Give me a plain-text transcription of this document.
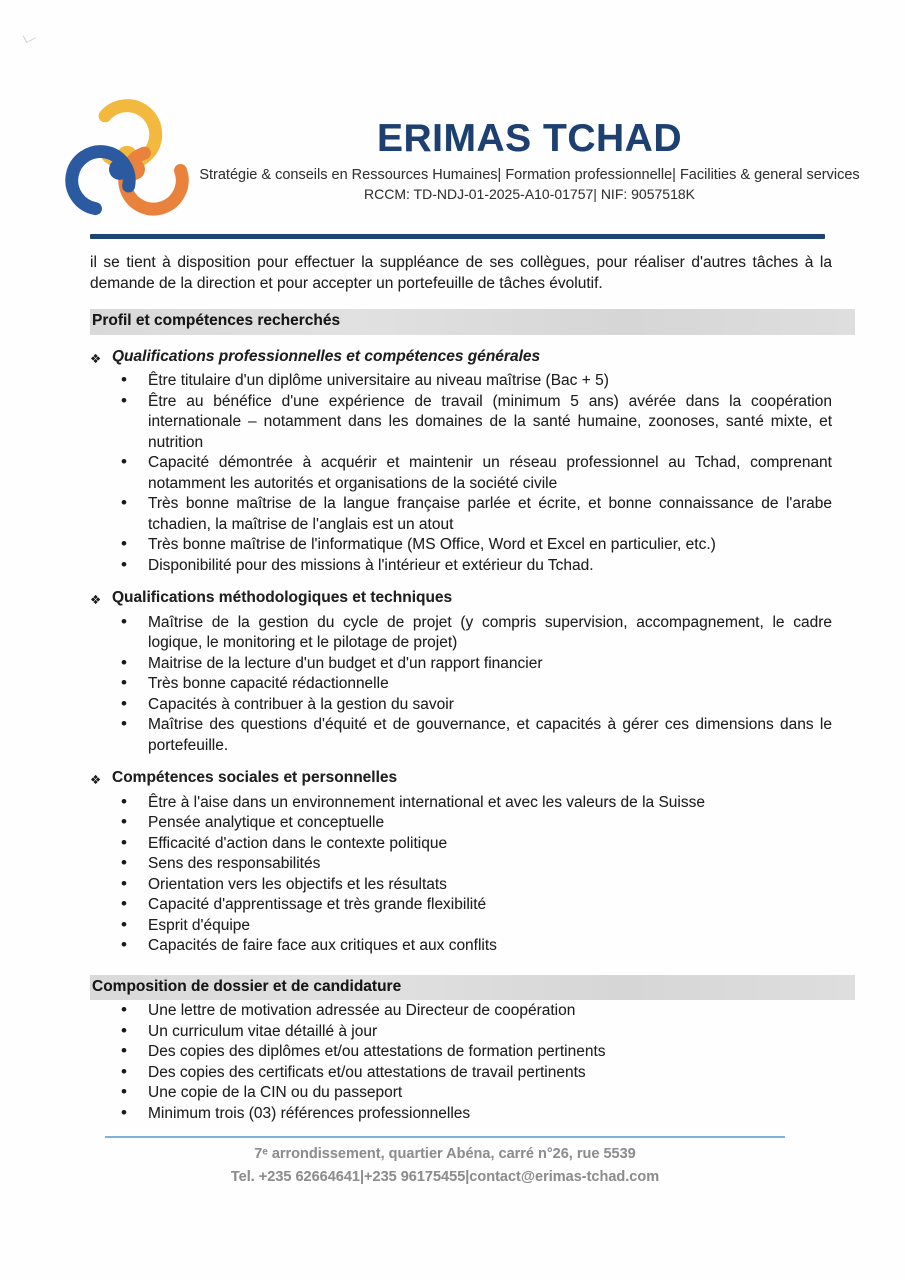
ERIMAS TCHAD
Stratégie & conseils en Ressources Humaines| Formation professionnelle| Facilities & general services
RCCM: TD-NDJ-01-2025-A10-01757| NIF: 9057518K

il se tient à disposition pour effectuer la suppléance de ses collègues, pour réaliser d'autres tâches à la demande de la direction et pour accepter un portefeuille de tâches évolutif.

Profil et compétences recherchés
❖ Qualifications professionnelles et compétences générales
• Être titulaire d'un diplôme universitaire au niveau maîtrise (Bac + 5)
• Être au bénéfice d'une expérience de travail (minimum 5 ans) avérée dans la coopération internationale – notamment dans les domaines de la santé humaine, zoonoses, santé mixte, et nutrition
• Capacité démontrée à acquérir et maintenir un réseau professionnel au Tchad, comprenant notamment les autorités et organisations de la société civile
• Très bonne maîtrise de la langue française parlée et écrite, et bonne connaissance de l'arabe tchadien, la maîtrise de l'anglais est un atout
• Très bonne maîtrise de l'informatique (MS Office, Word et Excel en particulier, etc.)
• Disponibilité pour des missions à l'intérieur et extérieur du Tchad.
❖ Qualifications méthodologiques et techniques
• Maîtrise de la gestion du cycle de projet (y compris supervision, accompagnement, le cadre logique, le monitoring et le pilotage de projet)
• Maitrise de la lecture d'un budget et d'un rapport financier
• Très bonne capacité rédactionnelle
• Capacités à contribuer à la gestion du savoir
• Maîtrise des questions d'équité et de gouvernance, et capacités à gérer ces dimensions dans le portefeuille.
❖ Compétences sociales et personnelles
• Être à l'aise dans un environnement international et avec les valeurs de la Suisse
• Pensée analytique et conceptuelle
• Efficacité d'action dans le contexte politique
• Sens des responsabilités
• Orientation vers les objectifs et les résultats
• Capacité d'apprentissage et très grande flexibilité
• Esprit d'équipe
• Capacités de faire face aux critiques et aux conflits
Composition de dossier et de candidature
• Une lettre de motivation adressée au Directeur de coopération
• Un curriculum vitae détaillé à jour
• Des copies des diplômes et/ou attestations de formation pertinents
• Des copies des certificats et/ou attestations de travail pertinents
• Une copie de la CIN ou du passeport
• Minimum trois (03) références professionnelles
7ᵉ arrondissement, quartier Abéna, carré n°26, rue 5539
Tel. +235 62664641|+235 96175455|contact@erimas-tchad.com
